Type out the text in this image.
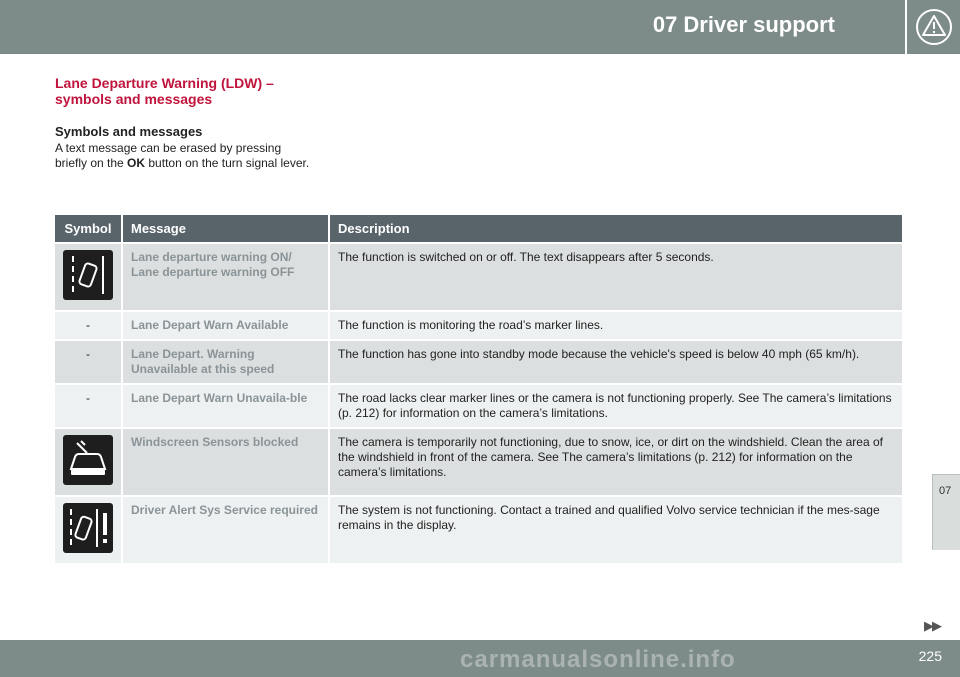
07 Driver support
Lane Departure Warning (LDW) – symbols and messages
Symbols and messages
A text message can be erased by pressing briefly on the OK button on the turn signal lever.
Symbol	Message	Description
	Lane departure warning ON/ Lane departure warning OFF	The function is switched on or off. The text disappears after 5 seconds.
-	Lane Depart Warn Available	The function is monitoring the road’s marker lines.
-	Lane Depart. Warning Unavailable at this speed	The function has gone into standby mode because the vehicle's speed is below 40 mph (65 km/h).
-	Lane Depart Warn Unavaila-ble	The road lacks clear marker lines or the camera is not functioning properly. See The camera’s limitations (p. 212) for information on the camera’s limitations.
	Windscreen Sensors blocked	The camera is temporarily not functioning, due to snow, ice, or dirt on the windshield. Clean the area of the windshield in front of the camera. See The camera’s limitations (p. 212) for information on the camera’s limitations.
	Driver Alert Sys Service required	The system is not functioning. Contact a trained and qualified Volvo service technician if the mes-sage remains in the display.
07
▶▶
225
carmanualsonline.info
